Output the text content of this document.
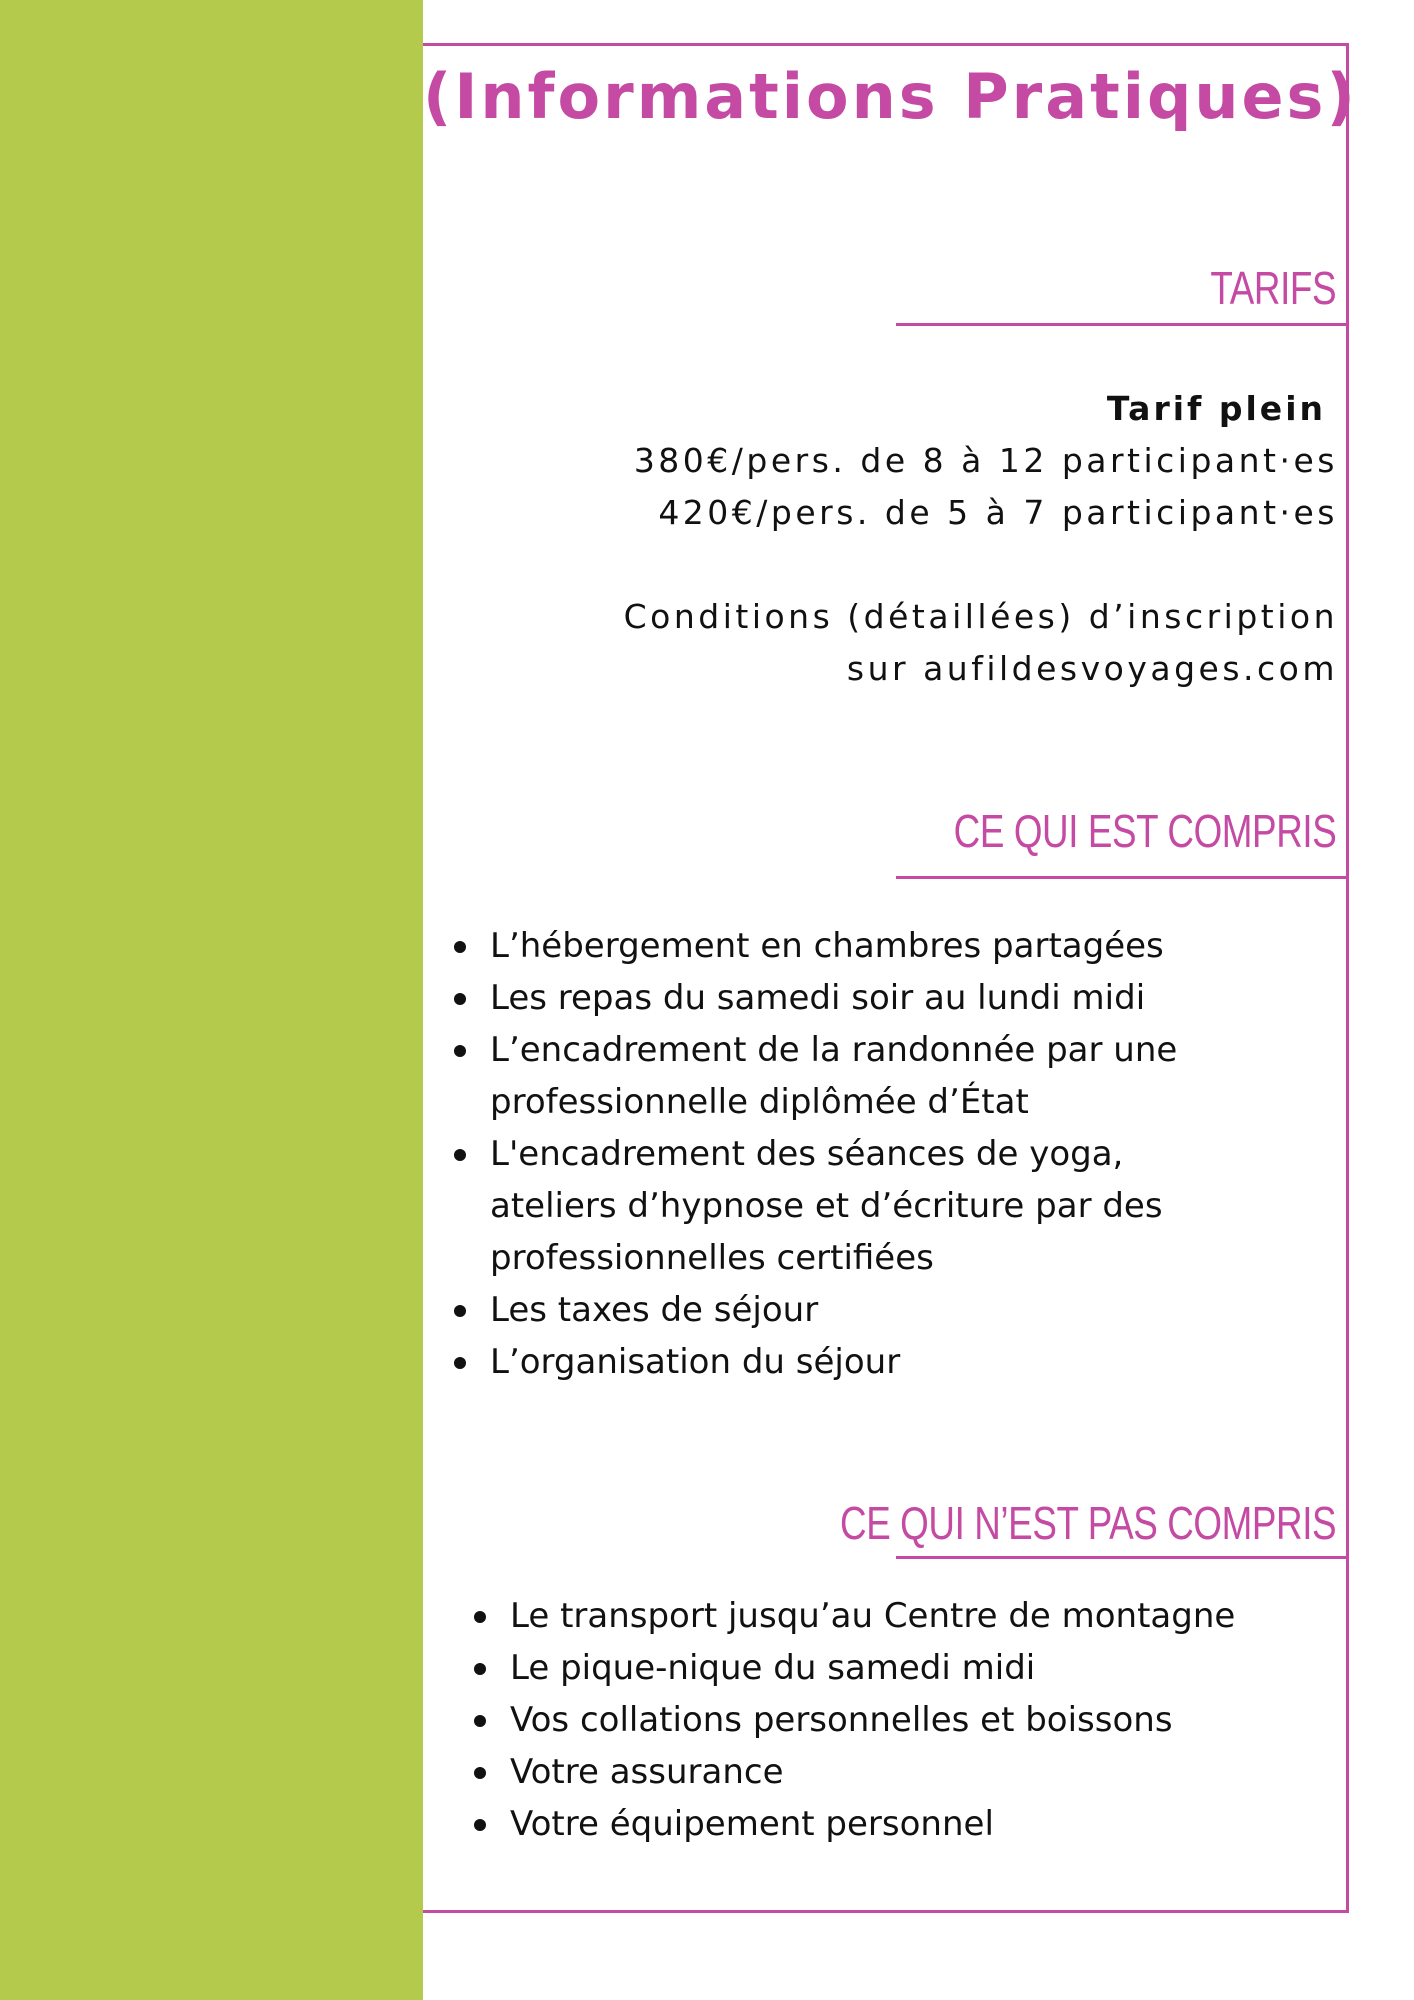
(Informations Pratiques)
TARIFS
Tarif plein
380€/pers. de 8 à 12 participant·es
420€/pers. de 5 à 7 participant·es
Conditions (détaillées) d’inscription
sur aufildesvoyages.com
CE QUI EST COMPRIS
L’hébergement en chambres partagées
Les repas du samedi soir au lundi midi
L’encadrement de la randonnée par une
professionnelle diplômée d’État
L'encadrement des séances de yoga,
ateliers d’hypnose et d’écriture par des
professionnelles certifiées
Les taxes de séjour
L’organisation du séjour
CE QUI N’EST PAS COMPRIS
Le transport jusqu’au Centre de montagne
Le pique-nique du samedi midi
Vos collations personnelles et boissons
Votre assurance
Votre équipement personnel
